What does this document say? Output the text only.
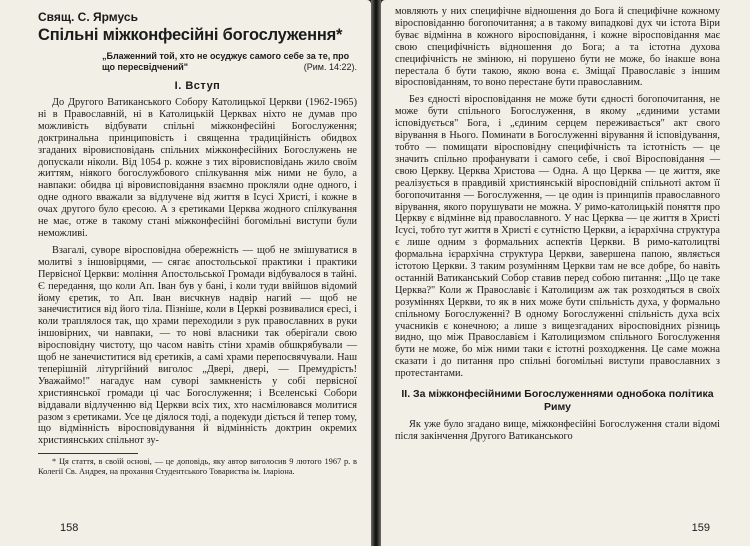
Свящ. С. Ярмусь
Спільні міжконфесійні богослуження*
„Блаженний той, хто не осуджує самого себе за те, про що пересвідчений"	(Рим. 14:22).
І. Вступ

До Другого Ватиканського Собору Католицької Церкви (1962-1965) ні в Православній, ні в Католицькій Церквах ніхто не думав про можливість відбувати спільні міжконфесійні Богослуження; доктринальна принциповість і священна традиційність обидвох згаданих віровисповідань спільних міжконфесійних Богослужень не допускали ніколи. Від 1054 р. кожне з тих віровисповідань жило своїм життям, ніякого богослужбового спілкування між ними не було, а навпаки: обидва ці віровисповідання взаємно прокляли одне одного, і одне одного вважали за відлучене від життя в Ісусі Христі, і кожне в очах другого було єресою. А з єретиками Церква жодного спілкування не має, отже в такому стані міжконфесійні богомільні виступи були неможливі.

Взагалі, суворе віросповідна обережність — щоб не змішуватися в молитві з іншовірцями, — сягає апостольської практики і практики Первісної Церкви: моління Апостольської Громади відбувалося в тайні. Є передання, що коли Ап. Іван був у бані, і коли туди ввійшов відомий йому єретик, то Ап. Іван висчкнув надвір нагий — щоб не занечиститися від його тіла. Пізніше, коли в Церкві розвивалися єресі, і коли траплялося так, що храми переходили з рук православних в руки іншовірних, чи навпаки, — то нові власники так оберігали свою віросповідну чистоту, що часом навіть стіни храмів обшкрябували — щоб не занечиститися від єретиків, а самі храми перепосвячували. Наш теперішній літургійний виголос „Двері, двері, — Премудрість! Уважаймо!" нагадує нам суворі замкненість у собі первісної християнської громади ці час Богослуження; і Вселенські Собори віддавали відлученню від Церкви всіх тих, хто насмілювався молитися разом з єретиками. Усе це діялося тоді, а подекуди діється й тепер тому, що відмінність віросповідування й відмінність доктрин окремих християнських спільнот зу-

* Ця стаття, в своїй основі, — це доповідь, яку автор виголосив 9 лютого 1967 р. в Колегії Св. Андрея, на прохання Студентського Товариства ім. Іларіона.

158

мовляють у них специфічне відношення до Бога й специфічне кожному віросповіданню богопочитання; а в такому випадкові дух чи істота Віри буває відмінна в кожного віросповідання, і кожне віросповідання має свою специфічність відношення до Бога; а та істотна духова специфічність не змінюю, ні порушено бути не може, бо інакше вона перестала б бути такою, якою вона є. Зміщаї Православіє з іншим віросповіданням, то воно перестане бути православним.

Без єдності віросповідання не може бути єдності богопочитання, не може бути спільного Богослуження, в якому „єдиними устами ісповідується" Бога, і „єдиним серцем переживається" акт свого вірування в Нього. Поминати в Богослуженні вірування й ісповідування, тобто — помищати віросповідну специфічність та істотність — це значить спільно профанувати і самого себе, і свої Віросповідання — свою Церкву. Церква Христова — Одна. А що Церква — це життя, яке реалізується в правдивій християнській віросповідній спільноті актом її богопочитання — Богослуження, — це один із принципів православного вірування, якого порушувати не можна. У римо-католицькій поняття про Церкву є відмінне від православного. У нас Церква — це життя в Христі Ісусі, тобто тут життя в Христі є сутністю Церкви, а ієрархічна структура є лише одним з формальних аспектів Церкви. В римо-католицтві формальна ієрархічна структура Церкви, завершена папою, являється істотою Церкви. З таким розумінням Церкви там не все добре, бо навіть останній Ватиканський Собор ставив перед собою питання: „Що це таке Церква?" Коли ж Православіє і Католицизм аж так розходяться в своїх розуміннях Церкви, то як в них може бути спільність духа, у формально спільному Богослуженні? В одному Богослуженні спільність духа всіх учасників є конечною; а лише з вищезгаданих віросповідних різниць видно, що між Православієм і Католицизмом спільного Богослуження бути не може, бо між ними таки є істотні розходження. Це саме можна сказати і до питання про спільні богомільні виступи православних з протестантами.

ІІ. За міжконфесійними Богослуженнями однобока політика Риму

Як уже було згадано вище, міжконфесійні Богослуження стали відомі після закінчення Другого Ватиканського

159
